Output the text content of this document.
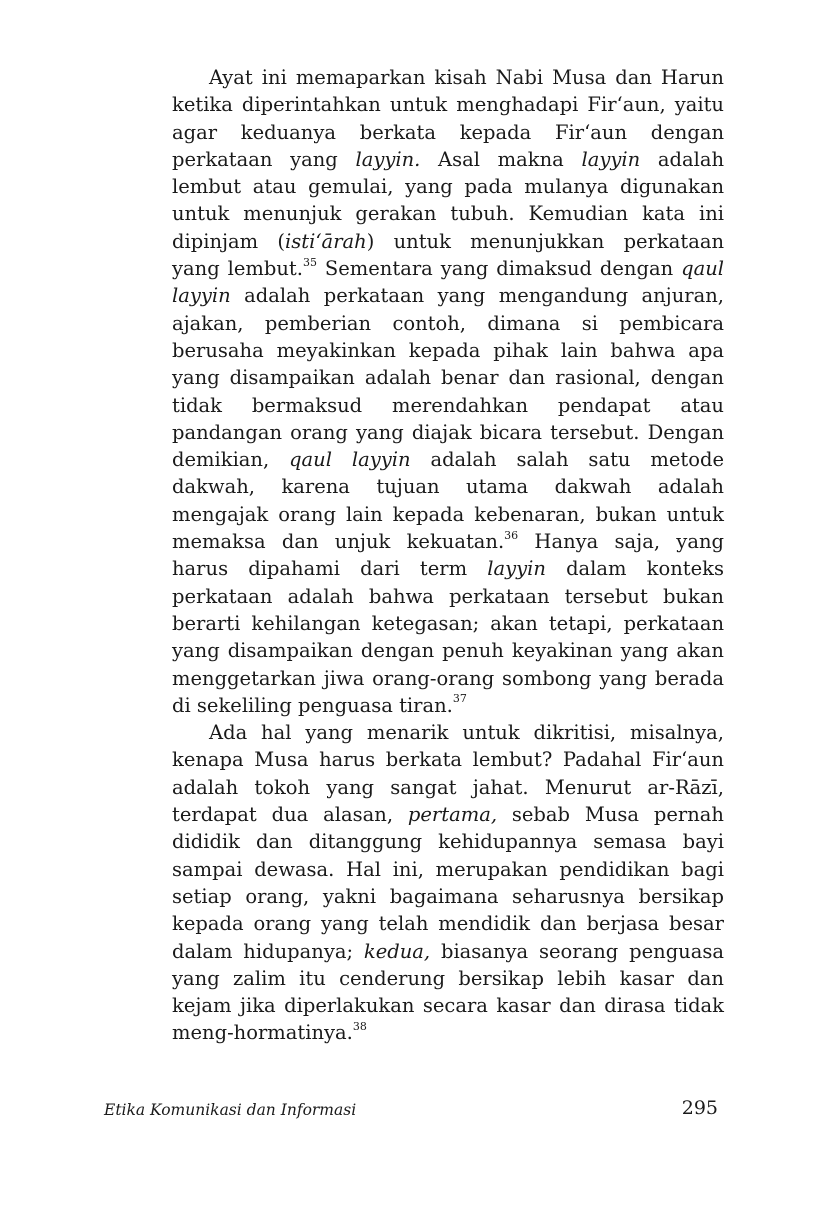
Ayat ini memaparkan kisah Nabi Musa dan Harun ketika diperintahkan untuk menghadapi Fir‘aun, yaitu agar keduanya berkata kepada Fir‘aun dengan perkataan yang layyin. Asal makna layyin adalah lembut atau gemulai, yang pada mulanya digunakan untuk menunjuk gerakan tubuh. Kemudian kata ini dipinjam (isti‘ārah) untuk menunjukkan perkataan yang lembut.$^{35}$ Sementara yang dimaksud dengan qaul layyin adalah perkataan yang mengandung anjuran, ajakan, pemberian contoh, dimana si pembicara berusaha meyakinkan kepada pihak lain bahwa apa yang disampaikan adalah benar dan rasional, dengan tidak bermaksud merendahkan pendapat atau pandangan orang yang diajak bicara tersebut. Dengan demikian, qaul layyin adalah salah satu metode dakwah, karena tujuan utama dakwah adalah mengajak orang lain kepada kebenaran, bukan untuk memaksa dan unjuk kekuatan.$^{36}$ Hanya saja, yang harus dipahami dari term layyin dalam konteks perkataan adalah bahwa perkataan tersebut bukan berarti kehilangan ketegasan; akan tetapi, perkataan yang disampaikan dengan penuh keyakinan yang akan menggetarkan jiwa orang-orang sombong yang berada di sekeliling penguasa tiran.$^{37}$

Ada hal yang menarik untuk dikritisi, misalnya, kenapa Musa harus berkata lembut? Padahal Fir‘aun adalah tokoh yang sangat jahat. Menurut ar-Rāzī, terdapat dua alasan, pertama, sebab Musa pernah dididik dan ditanggung kehidupannya semasa bayi sampai dewasa. Hal ini, merupakan pendidikan bagi setiap orang, yakni bagaimana seharusnya bersikap kepada orang yang telah mendidik dan berjasa besar dalam hidupanya; kedua, biasanya seorang penguasa yang zalim itu cenderung bersikap lebih kasar dan kejam jika diperlakukan secara kasar dan dirasa tidak meng-hormatinya.$^{38}$

Etika Komunikasi dan Informasi	295
